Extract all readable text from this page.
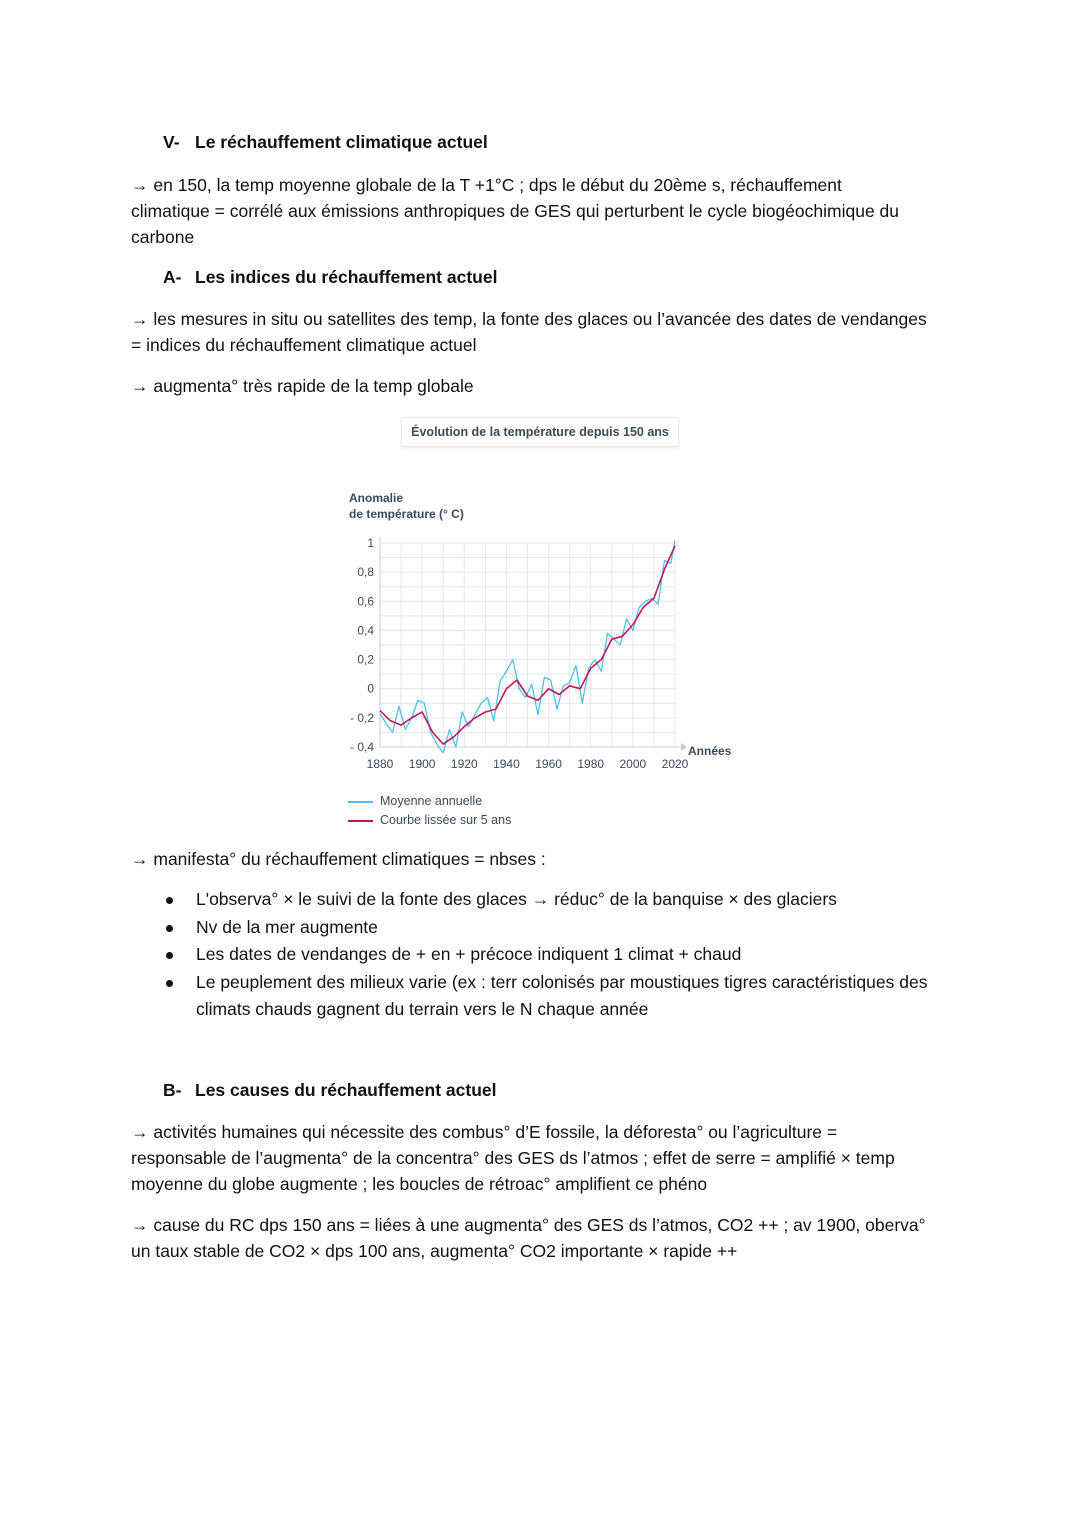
V- Le réchauffement climatique actuel
→ en 150, la temp moyenne globale de la T +1°C ; dps le début du 20ème s, réchauffement
climatique = corrélé aux émissions anthropiques de GES qui perturbent le cycle biogéochimique du
carbone
A- Les indices du réchauffement actuel
→ les mesures in situ ou satellites des temp, la fonte des glaces ou l’avancée des dates de vendanges
= indices du réchauffement climatique actuel
→ augmenta° très rapide de la temp globale
Évolution de la température depuis 150 ans
Anomalie
de température (° C)
1
0,8
0,6
0,4
0,2
0
- 0,2
- 0,4
1880 1900 1920 1940 1960 1980 2000 2020
Années
Moyenne annuelle
Courbe lissée sur 5 ans
→ manifesta° du réchauffement climatiques = nbses :
L'observa° × le suivi de la fonte des glaces → réduc° de la banquise × des glaciers
Nv de la mer augmente
Les dates de vendanges de + en + précoce indiquent 1 climat + chaud
Le peuplement des milieux varie (ex : terr colonisés par moustiques tigres caractéristiques des climats chauds gagnent du terrain vers le N chaque année
B- Les causes du réchauffement actuel
→ activités humaines qui nécessite des combus° d’E fossile, la déforesta° ou l’agriculture =
responsable de l’augmenta° de la concentra° des GES ds l’atmos ; effet de serre = amplifié × temp
moyenne du globe augmente ; les boucles de rétroac° amplifient ce phéno
→ cause du RC dps 150 ans = liées à une augmenta° des GES ds l’atmos, CO2 ++ ; av 1900, oberva°
un taux stable de CO2 × dps 100 ans, augmenta° CO2 importante × rapide ++
